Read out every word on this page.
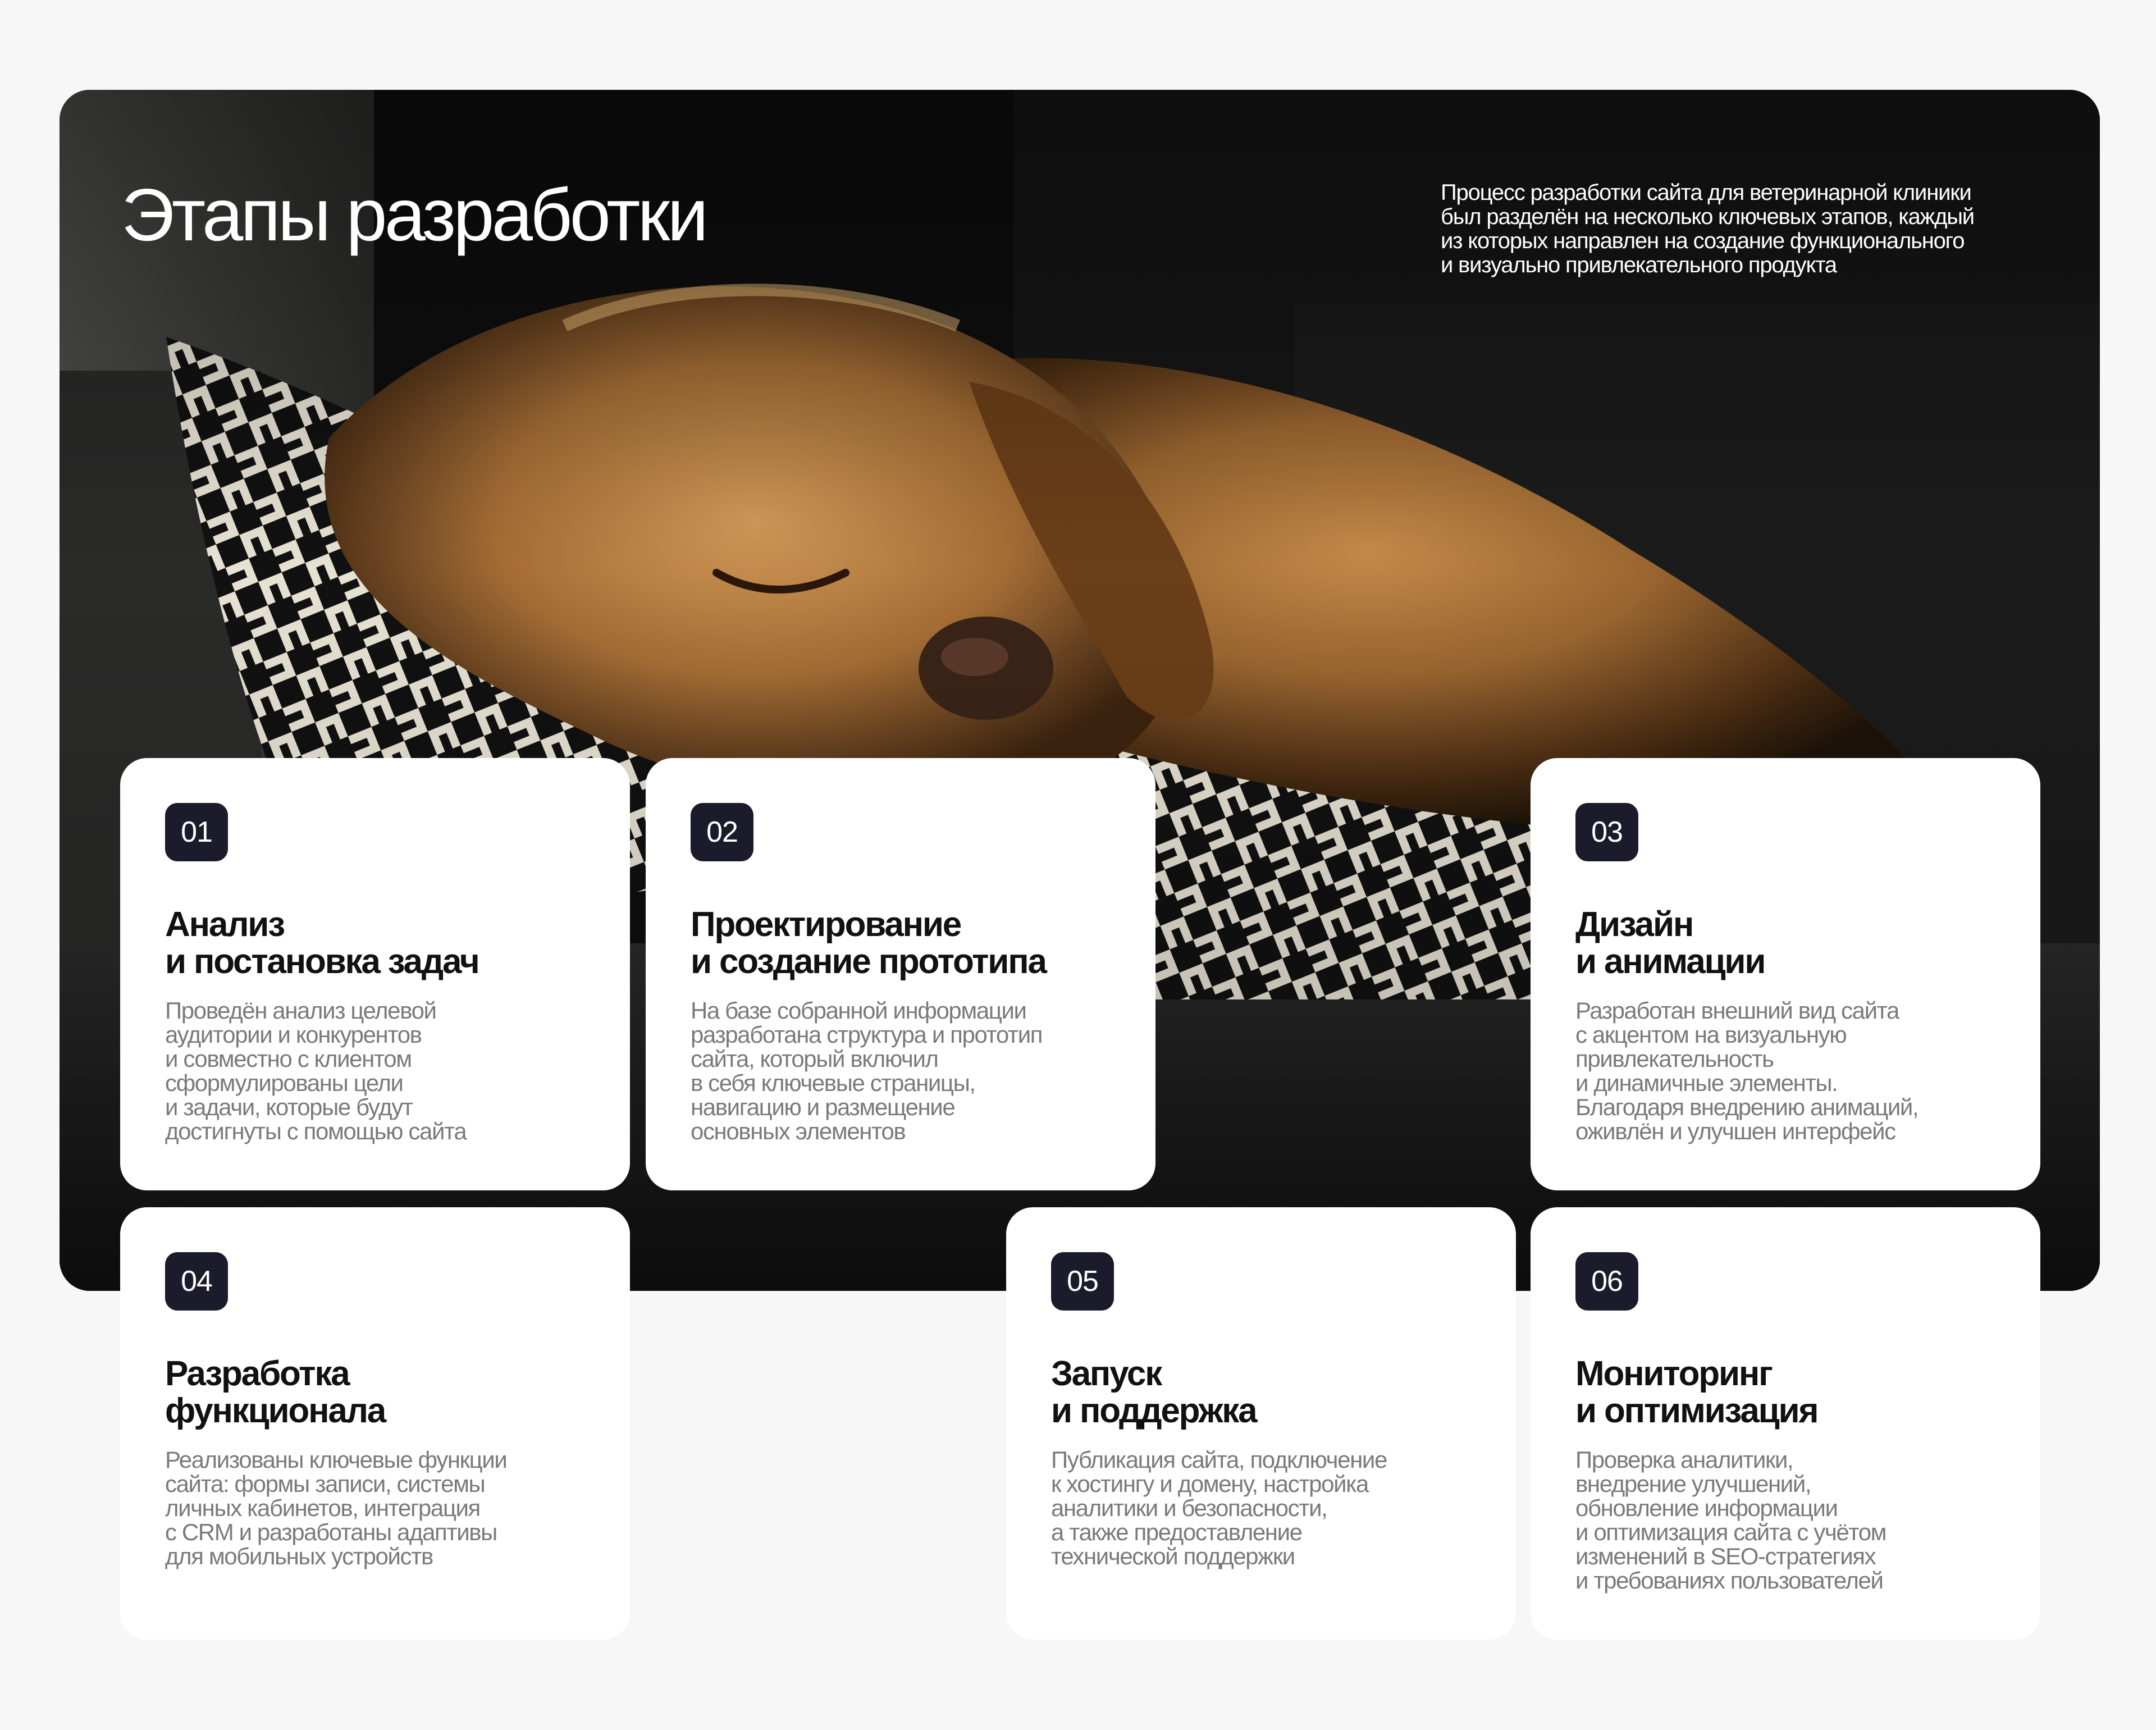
Этапы разработки	Процесс разработки сайта для ветеринарной клиники
был разделён на несколько ключевых этапов, каждый
из которых направлен на создание функционального
и визуально привлекательного продукта

01
Анализ
и постановка задач

Проведён анализ целевой
аудитории и конкурентов
и совместно с клиентом
сформулированы цели
и задачи, которые будут
достигнуты с помощью сайта

02
Проектирование
и создание прототипа

На базе собранной информации
разработана структура и прототип
сайта, который включил
в себя ключевые страницы,
навигацию и размещение
основных элементов

03
Дизайн
и анимации

Разработан внешний вид сайта
с акцентом на визуальную
привлекательность
и динамичные элементы.
Благодаря внедрению анимаций,
оживлён и улучшен интерфейс

04
Разработка
функционала

Реализованы ключевые функции
сайта: формы записи, системы
личных кабинетов, интеграция
с CRM и разработаны адаптивы
для мобильных устройств

05
Запуск
и поддержка

Публикация сайта, подключение
к хостингу и домену, настройка
аналитики и безопасности,
а также предоставление
технической поддержки

06
Мониторинг
и оптимизация

Проверка аналитики,
внедрение улучшений,
обновление информации
и оптимизация сайта с учётом
изменений в SEO-стратегиях
и требованиях пользователей
